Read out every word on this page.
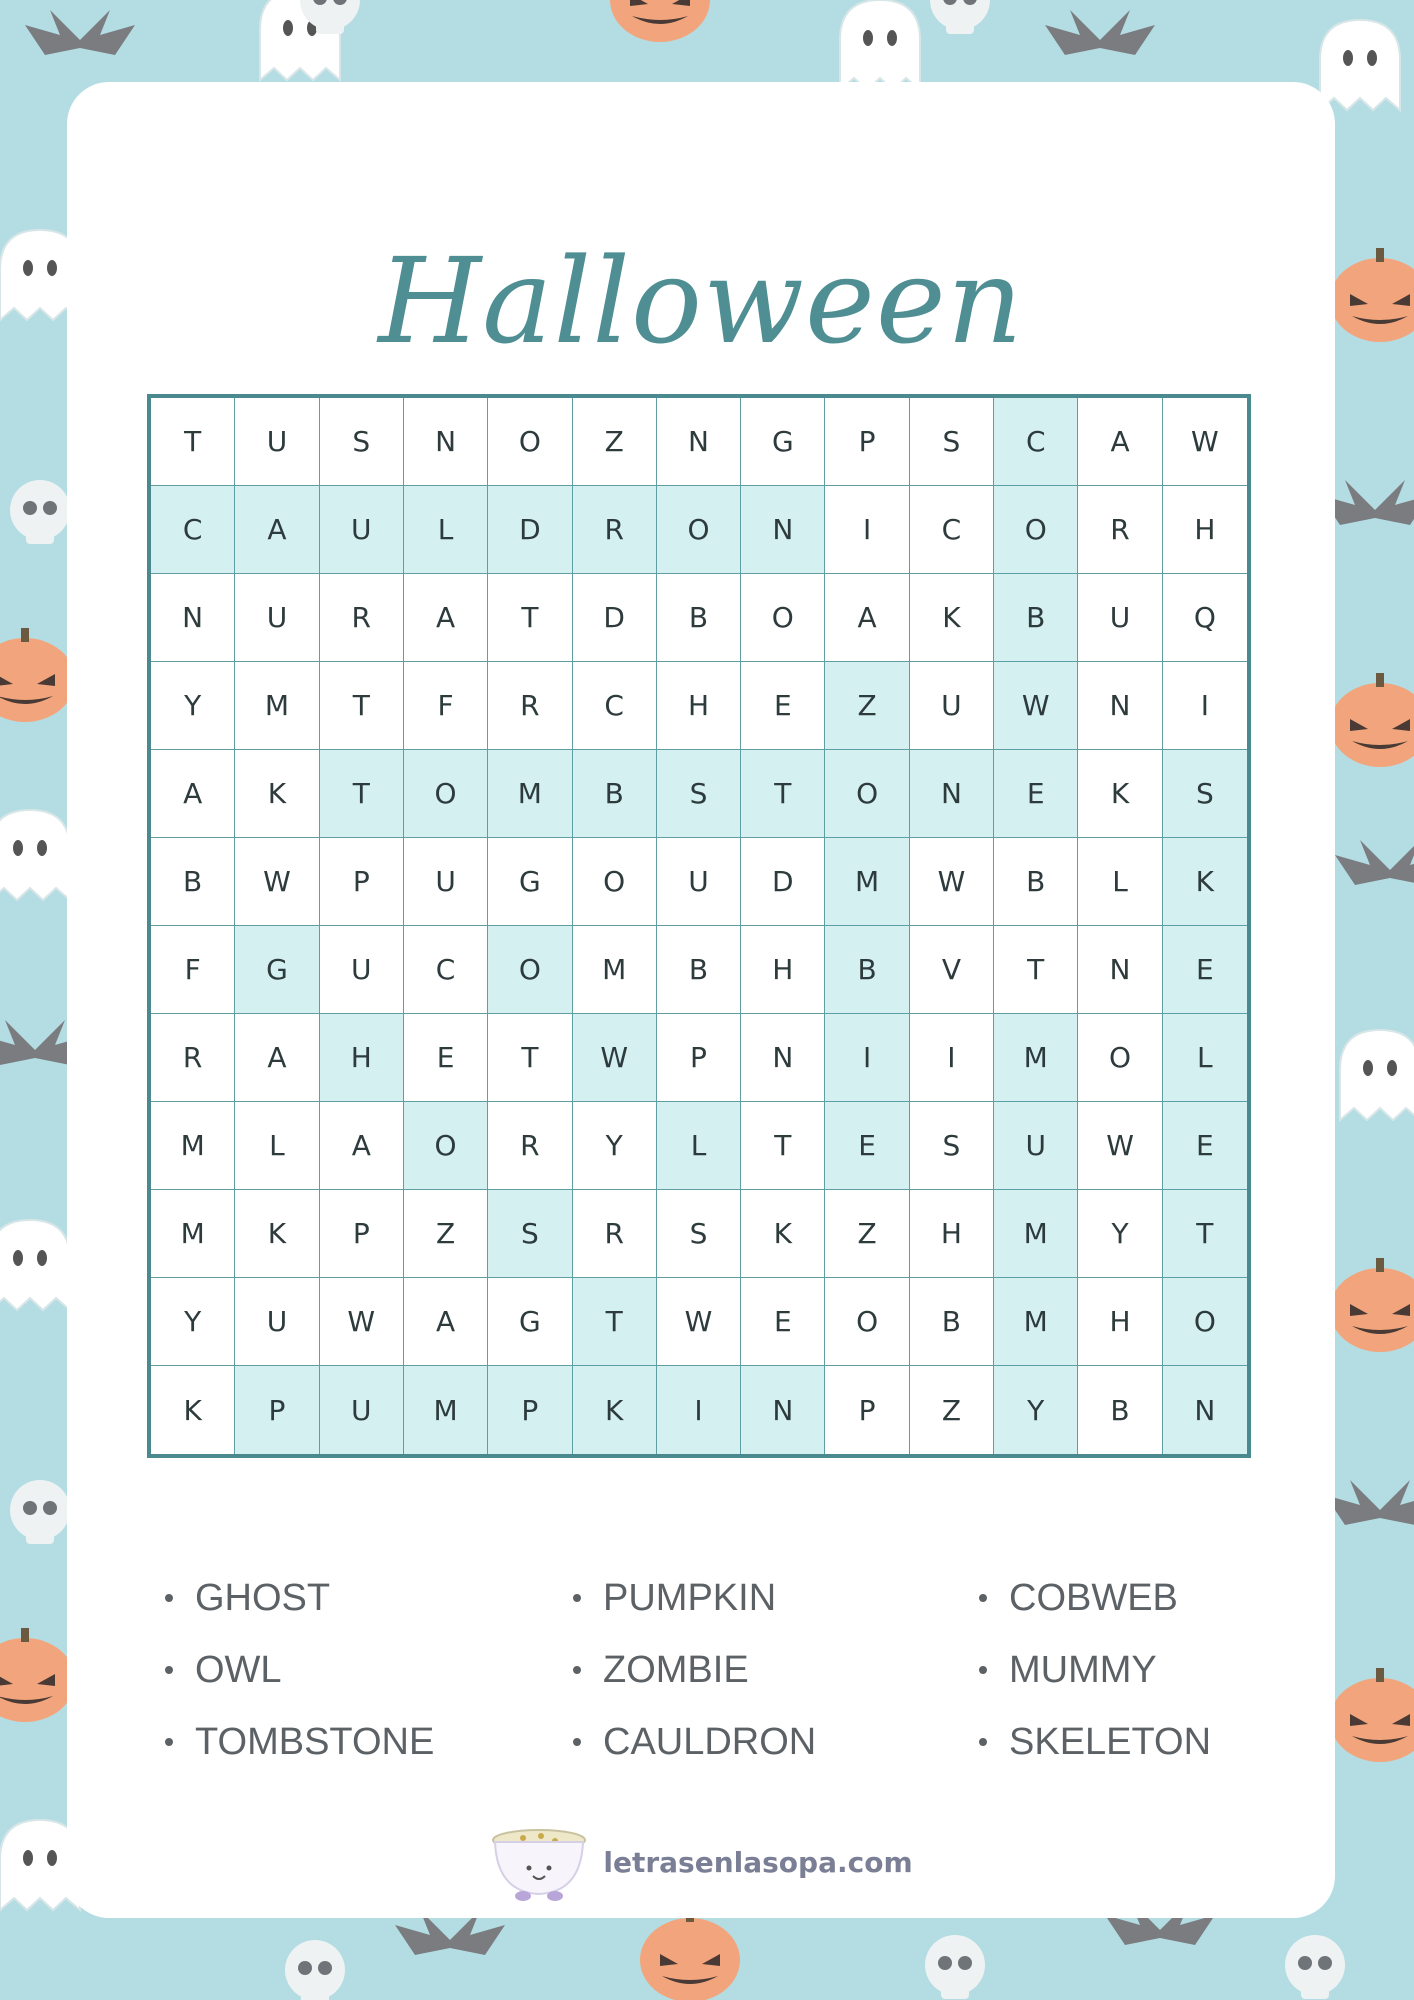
Halloween
T	U	S	N	O	Z	N	G	P	S	C	A	W
C	A	U	L	D	R	O	N	I	C	O	R	H
N	U	R	A	T	D	B	O	A	K	B	U	Q
Y	M	T	F	R	C	H	E	Z	U	W	N	I
A	K	T	O	M	B	S	T	O	N	E	K	S
B	W	P	U	G	O	U	D	M	W	B	L	K
F	G	U	C	O	M	B	H	B	V	T	N	E
R	A	H	E	T	W	P	N	I	I	M	O	L
M	L	A	O	R	Y	L	T	E	S	U	W	E
M	K	P	Z	S	R	S	K	Z	H	M	Y	T
Y	U	W	A	G	T	W	E	O	B	M	H	O
K	P	U	M	P	K	I	N	P	Z	Y	B	N
GHOST
OWL
TOMBSTONE
PUMPKIN
ZOMBIE
CAULDRON
COBWEB
MUMMY
SKELETON
letrasenlasopa.com
